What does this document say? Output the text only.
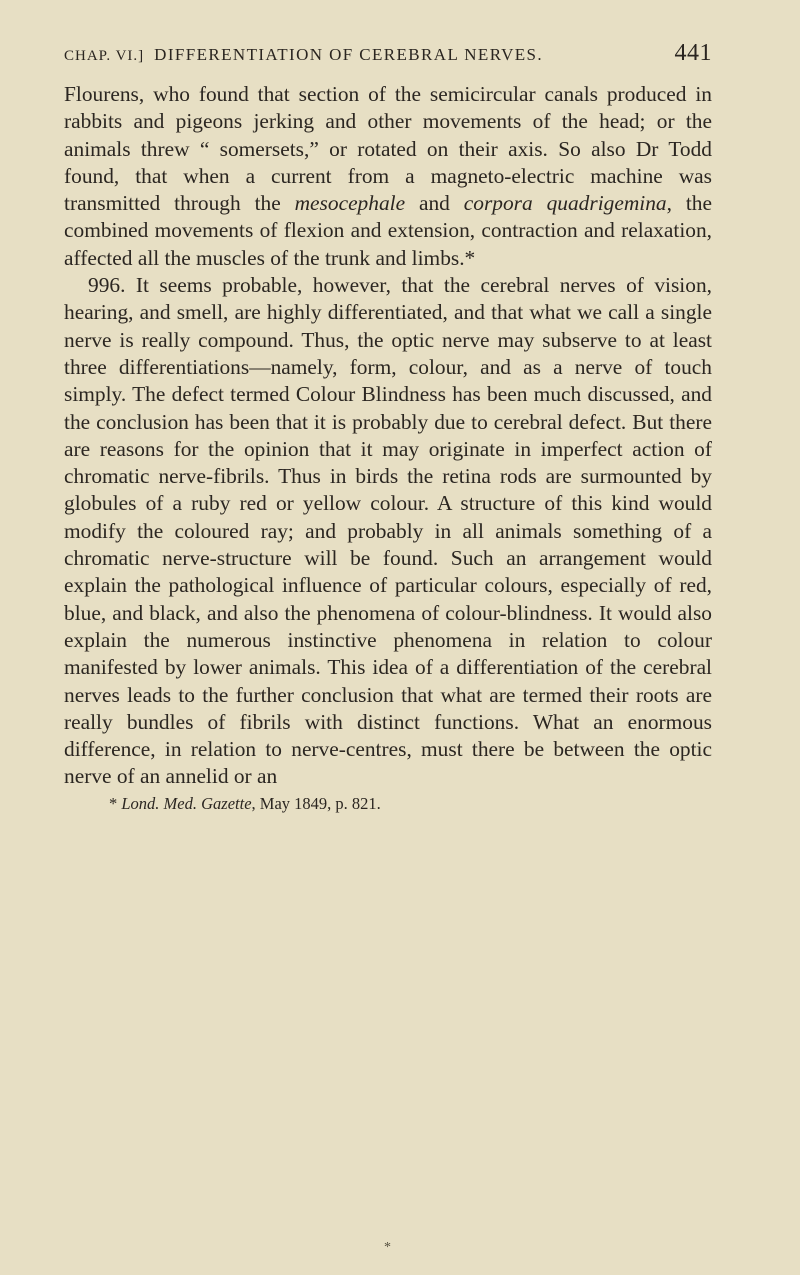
CHAP. VI.] DIFFERENTIATION OF CEREBRAL NERVES.	441

Flourens, who found that section of the semicircular canals produced in rabbits and pigeons jerking and other movements of the head; or the animals threw “ somersets,” or rotated on their axis. So also Dr Todd found, that when a current from a magneto-electric machine was transmitted through the mesocephale and corpora quadrigemina, the combined movements of flexion and extension, contraction and relaxation, affected all the muscles of the trunk and limbs.*

996. It seems probable, however, that the cerebral nerves of vision, hearing, and smell, are highly differentiated, and that what we call a single nerve is really compound. Thus, the optic nerve may subserve to at least three differentiations—namely, form, colour, and as a nerve of touch simply. The defect termed Colour Blindness has been much discussed, and the conclusion has been that it is probably due to cerebral defect. But there are reasons for the opinion that it may originate in imperfect action of chromatic nerve-fibrils. Thus in birds the retina rods are surmounted by globules of a ruby red or yellow colour. A structure of this kind would modify the coloured ray; and probably in all animals something of a chromatic nerve-structure will be found. Such an arrangement would explain the pathological influence of particular colours, especially of red, blue, and black, and also the phenomena of colour-blindness. It would also explain the numerous instinctive phenomena in relation to colour manifested by lower animals. This idea of a differentiation of the cerebral nerves leads to the further conclusion that what are termed their roots are really bundles of fibrils with distinct functions. What an enormous difference, in relation to nerve-centres, must there be between the optic nerve of an annelid or an

* Lond. Med. Gazette, May 1849, p. 821.
*
